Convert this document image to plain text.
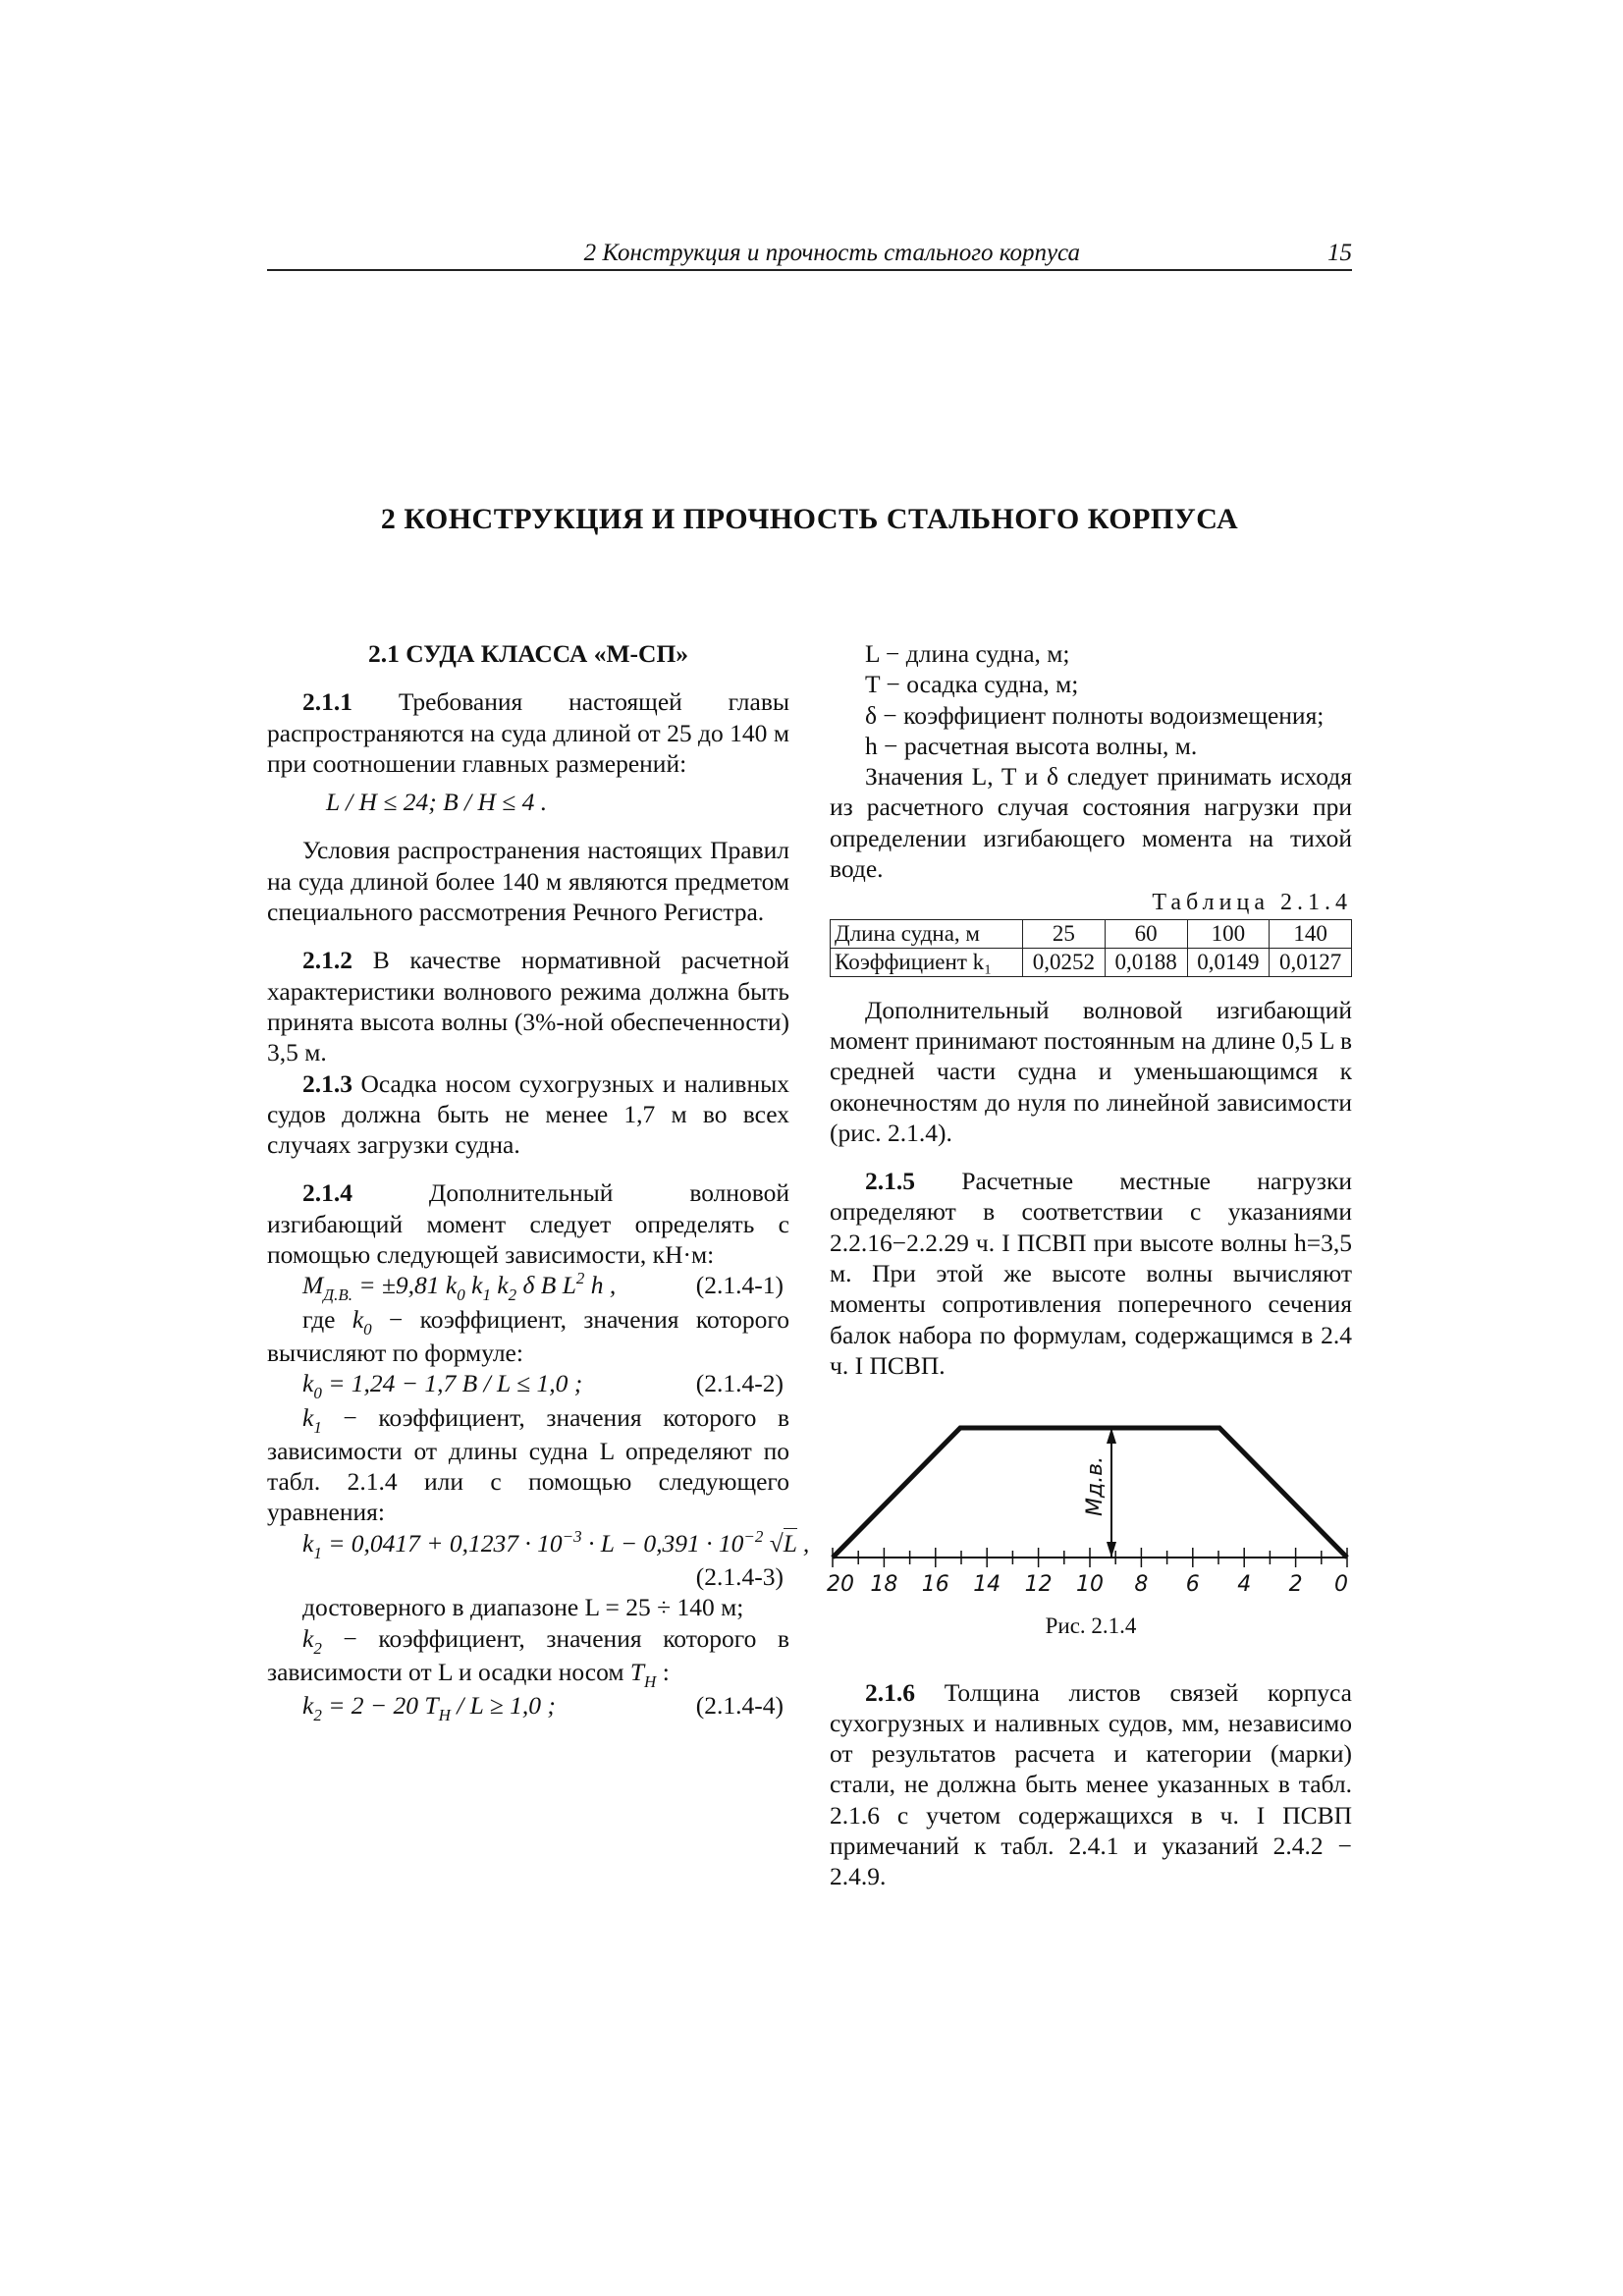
2 Конструкция и прочность стального корпуса	15
2 КОНСТРУКЦИЯ И ПРОЧНОСТЬ СТАЛЬНОГО КОРПУСА
2.1 СУДА КЛАССА «М-СП»

2.1.1 Требования настоящей главы распространяются на суда длиной от 25 до 140 м при соотношении главных размерений:

L / H ≤ 24; B / H ≤ 4 .

Условия распространения настоящих Правил на суда длиной более 140 м являются предметом специального рассмотрения Речного Регистра.

2.1.2 В качестве нормативной расчетной характеристики волнового режима должна быть принята высота волны (3%-ной обеспеченности) 3,5 м.

2.1.3 Осадка носом сухогрузных и наливных судов должна быть не менее 1,7 м во всех случаях загрузки судна.

2.1.4 Дополнительный волновой изгибающий момент следует определять с помощью следующей зависимости, кН·м:

$M_{Д.В.} = \pm 9,81$ $k_0$ $k_1$ $k_2$ δ B $L^2$ h ,	(2.1.4-1)

где $k_0$ − коэффициент, значения которого вычисляют по формуле:

$k_0 = 1,24 - 1,7$ B / L ≤ 1,0 ;	(2.1.4-2)

$k_1$ − коэффициент, значения которого в зависимости от длины судна L определяют по табл. 2.1.4 или с помощью следующего уравнения:

$k_1 = 0,0417 + 0,1237 \cdot 10^{-3} \cdot L - 0,391 \cdot 10^{-2}$ √L ,
(2.1.4-3)

достоверного в диапазоне L = 25 ÷ 140 м;

$k_2$ − коэффициент, значения которого в зависимости от L и осадки носом $T_Н$ :

$k_2 = 2 - 20$ $T_Н / L \ge 1,0$ ;	(2.1.4-4)

L − длина судна, м;

T − осадка судна, м;

δ − коэффициент полноты водоизмещения;

h − расчетная высота волны, м.

Значения L, T и δ следует принимать исходя из расчетного случая состояния нагрузки при определении изгибающего момента на тихой воде.

Таблица 2.1.4
Длина судна, м	25	60	100	140
Коэффициент k₁	0,0252	0,0188	0,0149	0,0127

Дополнительный волновой изгибающий момент принимают постоянным на длине 0,5 L в средней части судна и уменьшающимся к оконечностям до нуля по линейной зависимости (рис. 2.1.4).

2.1.5 Расчетные местные нагрузки определяют в соответствии с указаниями 2.2.16−2.2.29 ч. I ПСВП при высоте волны h=3,5 м. При этой же высоте волны вычисляют моменты сопротивления поперечного сечения балок набора по формулам, содержащимся в 2.4 ч. I ПСВП.

Mд.в.
20 18 16 14 12 10 8 6 4 2 0
Рис. 2.1.4

2.1.6 Толщина листов связей корпуса сухогрузных и наливных судов, мм, независимо от результатов расчета и категории (марки) стали, не должна быть менее указанных в табл. 2.1.6 с учетом содержащихся в ч. I ПСВП примечаний к табл. 2.4.1 и указаний 2.4.2 − 2.4.9.
